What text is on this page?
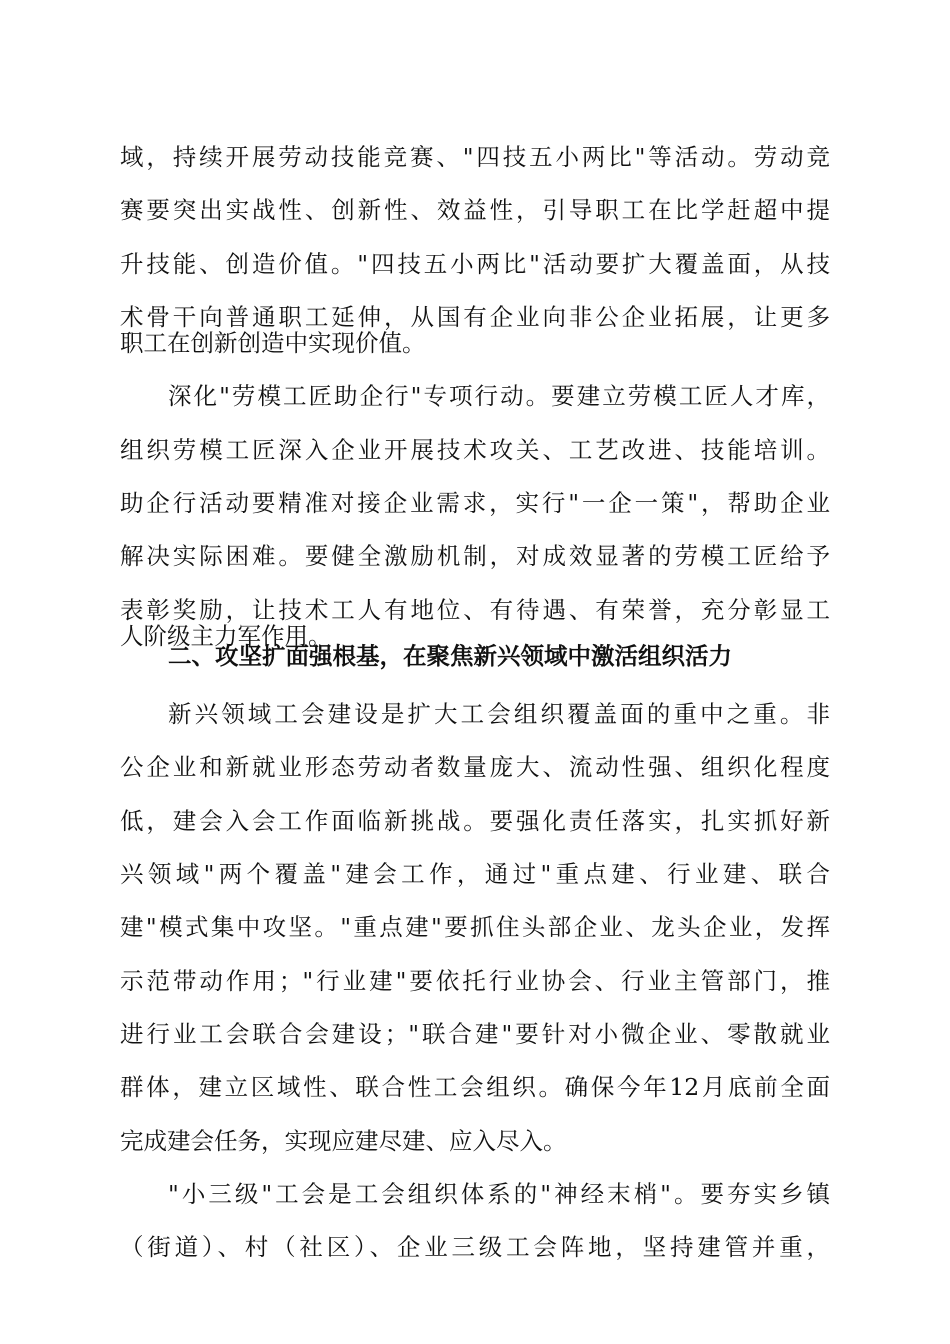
域，持续开展劳动技能竞赛、"四技五小两比"等活动。劳动竞

赛要突出实战性、创新性、效益性，引导职工在比学赶超中提

升技能、创造价值。"四技五小两比"活动要扩大覆盖面，从技

术骨干向普通职工延伸，从国有企业向非公企业拓展，让更多

职工在创新创造中实现价值。

深化"劳模工匠助企行"专项行动。要建立劳模工匠人才库，

组织劳模工匠深入企业开展技术攻关、工艺改进、技能培训。

助企行活动要精准对接企业需求，实行"一企一策"，帮助企业

解决实际困难。要健全激励机制，对成效显著的劳模工匠给予

表彰奖励，让技术工人有地位、有待遇、有荣誉，充分彰显工

人阶级主力军作用。

二、攻坚扩面强根基，在聚焦新兴领域中激活组织活力

新兴领域工会建设是扩大工会组织覆盖面的重中之重。非

公企业和新就业形态劳动者数量庞大、流动性强、组织化程度

低，建会入会工作面临新挑战。要强化责任落实，扎实抓好新

兴领域"两个覆盖"建会工作，通过"重点建、行业建、联合

建"模式集中攻坚。"重点建"要抓住头部企业、龙头企业，发挥

示范带动作用；"行业建"要依托行业协会、行业主管部门，推

进行业工会联合会建设；"联合建"要针对小微企业、零散就业

群体，建立区域性、联合性工会组织。确保今年12月底前全面

完成建会任务，实现应建尽建、应入尽入。

"小三级"工会是工会组织体系的"神经末梢"。要夯实乡镇

（街道）、村（社区）、企业三级工会阵地，坚持建管并重，
